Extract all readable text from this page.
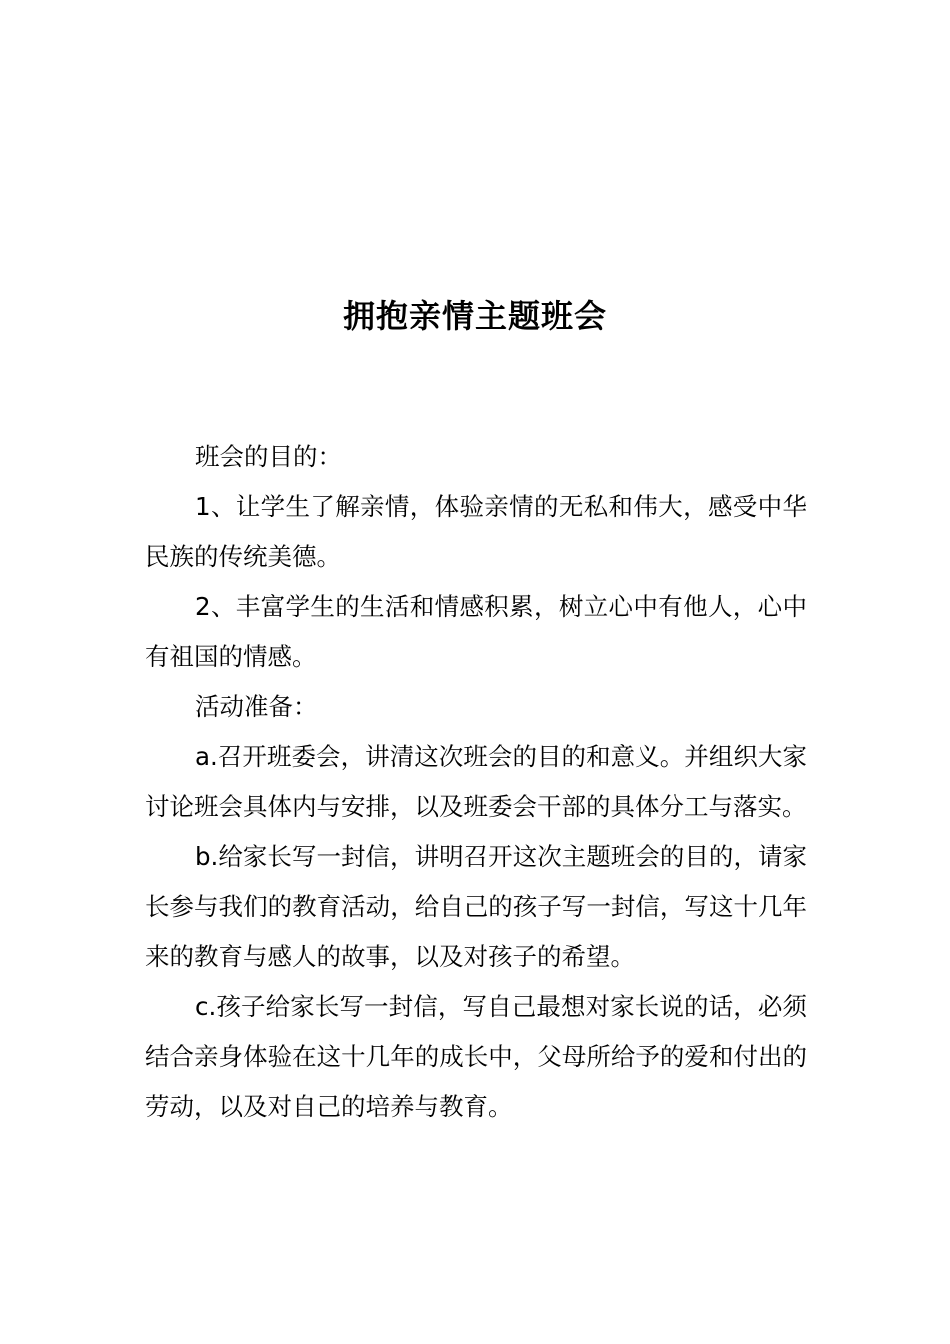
拥抱亲情主题班会

班会的目的：

1、让学生了解亲情，体验亲情的无私和伟大，感受中华民族的传统美德。

2、丰富学生的生活和情感积累，树立心中有他人，心中有祖国的情感。

活动准备：

a.召开班委会，讲清这次班会的目的和意义。并组织大家讨论班会具体内与安排，以及班委会干部的具体分工与落实。

b.给家长写一封信，讲明召开这次主题班会的目的，请家长参与我们的教育活动，给自己的孩子写一封信，写这十几年来的教育与感人的故事，以及对孩子的希望。

c.孩子给家长写一封信，写自己最想对家长说的话，必须结合亲身体验在这十几年的成长中，父母所给予的爱和付出的劳动，以及对自己的培养与教育。
